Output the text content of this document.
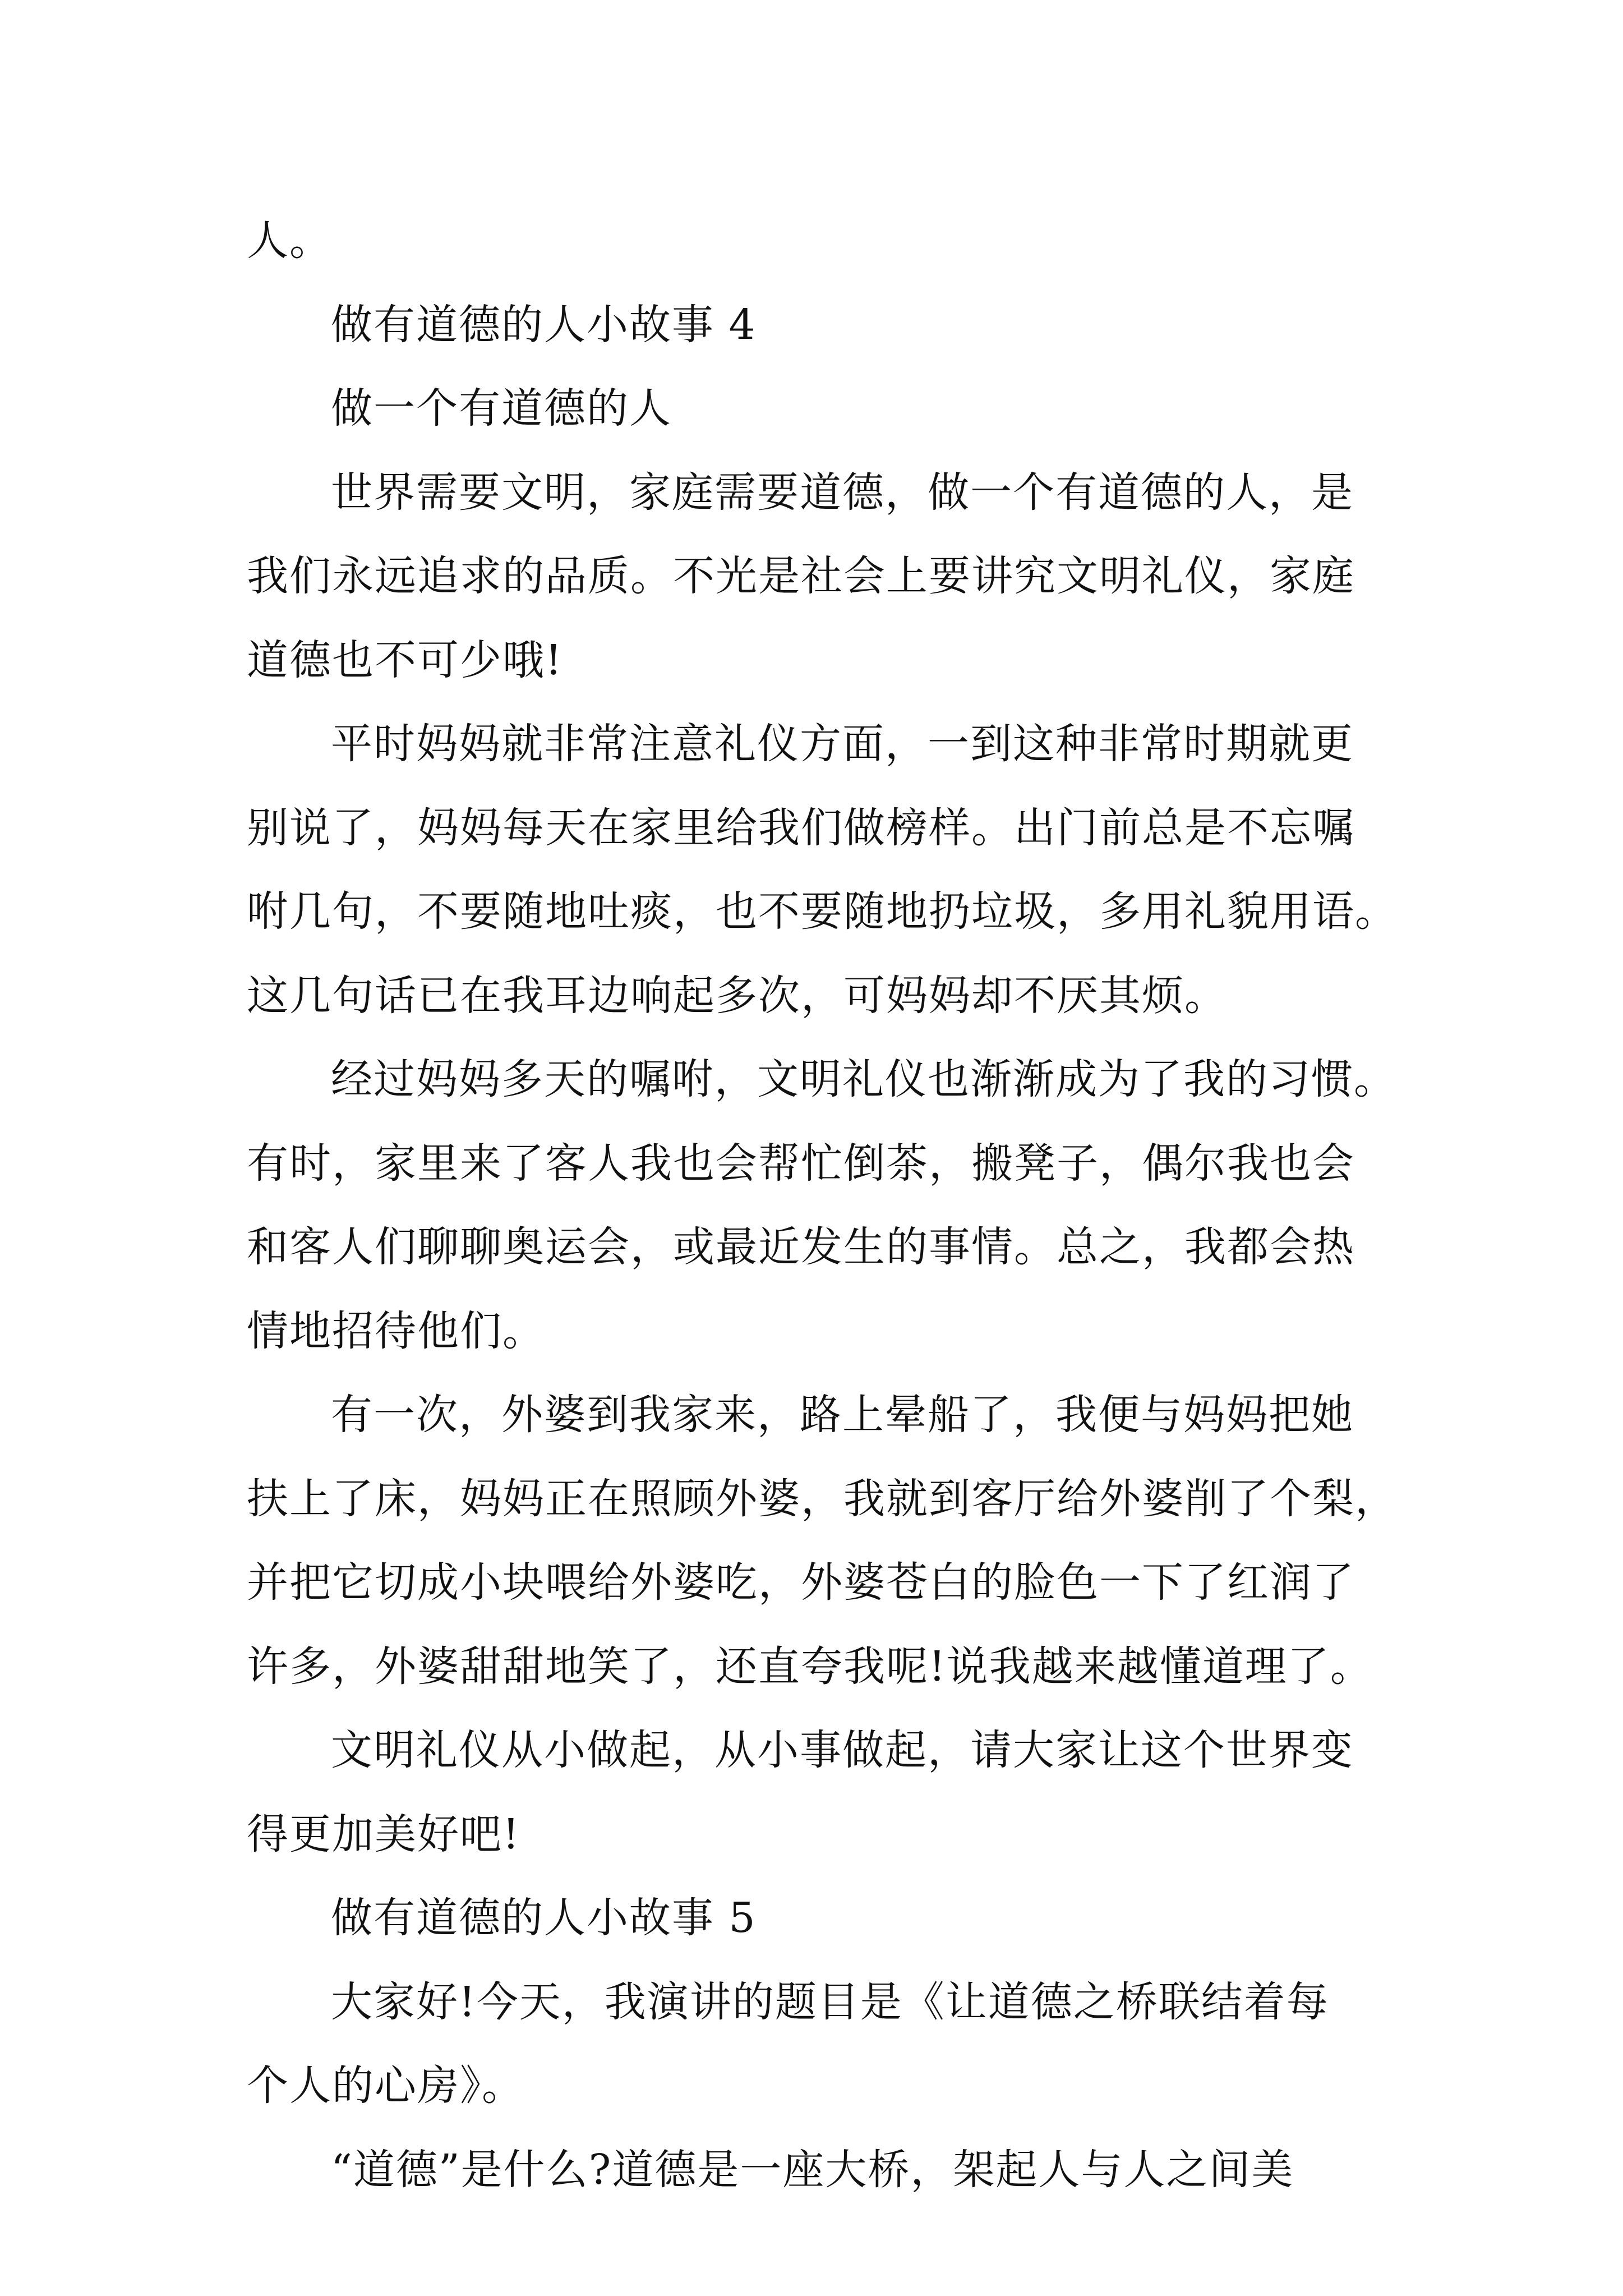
人。
做有道德的人小故事 4
做一个有道德的人
世界需要文明，家庭需要道德，做一个有道德的人，是
我们永远追求的品质。不光是社会上要讲究文明礼仪，家庭
道德也不可少哦!
平时妈妈就非常注意礼仪方面，一到这种非常时期就更
别说了，妈妈每天在家里给我们做榜样。出门前总是不忘嘱
咐几句，不要随地吐痰，也不要随地扔垃圾，多用礼貌用语。
这几句话已在我耳边响起多次，可妈妈却不厌其烦。
经过妈妈多天的嘱咐，文明礼仪也渐渐成为了我的习惯。
有时，家里来了客人我也会帮忙倒茶，搬凳子，偶尔我也会
和客人们聊聊奥运会，或最近发生的事情。总之，我都会热
情地招待他们。
有一次，外婆到我家来，路上晕船了，我便与妈妈把她
扶上了床，妈妈正在照顾外婆，我就到客厅给外婆削了个梨，
并把它切成小块喂给外婆吃，外婆苍白的脸色一下了红润了
许多，外婆甜甜地笑了，还直夸我呢!说我越来越懂道理了。
文明礼仪从小做起，从小事做起，请大家让这个世界变
得更加美好吧!
做有道德的人小故事 5
大家好!今天，我演讲的题目是《让道德之桥联结着每
个人的心房》。
“道德”是什么?道德是一座大桥，架起人与人之间美
